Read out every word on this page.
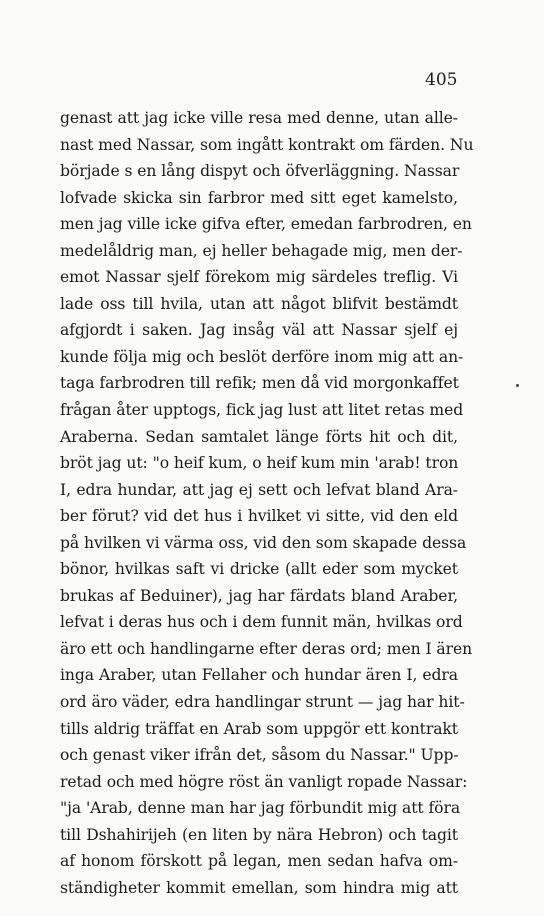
405
genast att jag icke ville resa med denne, utan alle-
nast med Nassar, som ingått kontrakt om färden. Nu
började s en lång dispyt och öfverläggning. Nassar
lofvade skicka sin farbror med sitt eget kamelsto,
men jag ville icke gifva efter, emedan farbrodren, en
medelåldrig man, ej heller behagade mig, men der-
emot Nassar sjelf förekom mig särdeles treflig. Vi
lade oss till hvila, utan att något blifvit bestämdt
afgjordt i saken. Jag insåg väl att Nassar sjelf ej
kunde följa mig och beslöt derföre inom mig att an-
taga farbrodren till refik; men då vid morgonkaffet
frågan åter upptogs, fick jag lust att litet retas med
Araberna. Sedan samtalet länge förts hit och dit,
bröt jag ut: "o heif kum, o heif kum min 'arab! tron
I, edra hundar, att jag ej sett och lefvat bland Ara-
ber förut? vid det hus i hvilket vi sitte, vid den eld
på hvilken vi värma oss, vid den som skapade dessa
bönor, hvilkas saft vi dricke (allt eder som mycket
brukas af Beduiner), jag har färdats bland Araber,
lefvat i deras hus och i dem funnit män, hvilkas ord
äro ett och handlingarne efter deras ord; men I ären
inga Araber, utan Fellaher och hundar ären I, edra
ord äro väder, edra handlingar strunt — jag har hit-
tills aldrig träffat en Arab som uppgör ett kontrakt
och genast viker ifrån det, såsom du Nassar." Upp-
retad och med högre röst än vanligt ropade Nassar:
"ja 'Arab, denne man har jag förbundit mig att föra
till Dshahirijeh (en liten by nära Hebron) och tagit
af honom förskott på legan, men sedan hafva om-
ständigheter kommit emellan, som hindra mig att
